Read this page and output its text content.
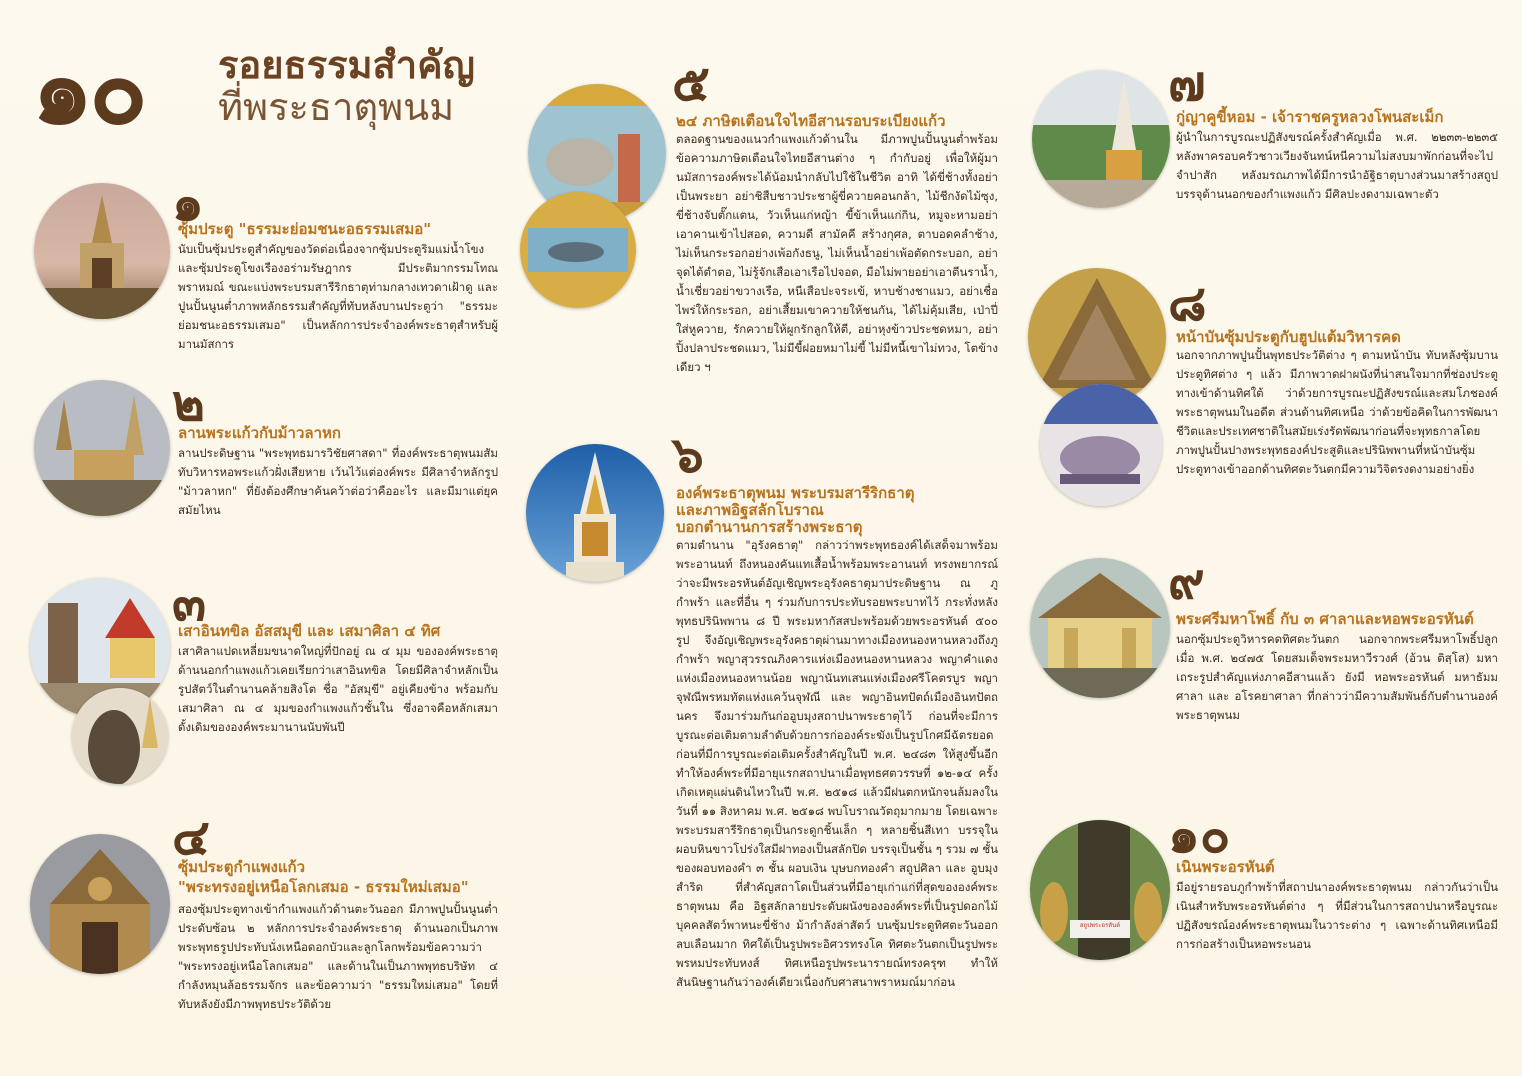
๑๐ รอยธรรมสำคัญ
ที่พระธาตุพนม
๑
ซุ้มประตู "ธรรมะย่อมชนะอธรรมเสมอ"
นับเป็นซุ้มประตูสำคัญของวัดต่อเนื่องจากซุ้มประตูริมแม่น้ำโขง และซุ้มประตูโขงเรืองอร่ามรัษฎากร มีประติมากรรมโทณพราหมณ์ ขณะแบ่งพระบรมสารีริกธาตุท่ามกลางเทวดาเฝ้าดู และปูนปั้นนูนต่ำภาพหลักธรรมสำคัญที่ทับหลังบานประตูว่า "ธรรมะย่อมชนะอธรรมเสมอ" เป็นหลักการประจำองค์พระธาตุสำหรับผู้มานมัสการ
๒
ลานพระแก้วกับม้าวลาหก
ลานประดิษฐาน "พระพุทธมารวิชัยศาสดา" ที่องค์พระธาตุพนมสัมทับวิหารหอพระแก้วฝั่งเสียหาย เว้นไว้แต่องค์พระ มีศิลาจำหลักรูป "ม้าวลาหก" ที่ยังต้องศึกษาค้นคว้าต่อว่าคืออะไร และมีมาแต่ยุคสมัยไหน
๓
เสาอินทขิล อัสสมุขี และ เสมาศิลา ๔ ทิศ
เสาศิลาแปดเหลี่ยมขนาดใหญ่ที่ปักอยู่ ณ ๔ มุม ขององค์พระธาตุด้านนอกกำแพงแก้วเคยเรียกว่าเสาอินทขิล โดยมีศิลาจำหลักเป็นรูปสัตว์ในตำนานคล้ายสิงโต ชื่อ "อัสมุขี" อยู่เคียงข้าง พร้อมกับเสมาศิลา ณ ๔ มุมของกำแพงแก้วชั้นใน ซึ่งอาจคือหลักเสมาดั้งเดิมขององค์พระมานานนับพันปี
๔
ซุ้มประตูกำแพงแก้ว
"พระทรงอยู่เหนือโลกเสมอ - ธรรมใหม่เสมอ"
สองซุ้มประตูทางเข้ากำแพงแก้วด้านตะวันออก มีภาพปูนปั้นนูนต่ำประดับซ้อน ๒ หลักการประจำองค์พระธาตุ ด้านนอกเป็นภาพพระพุทธรูปประทับนั่งเหนือดอกบัวและลูกโลกพร้อมข้อความว่า "พระทรงอยู่เหนือโลกเสมอ" และด้านในเป็นภาพพุทธบริษัท ๔ กำลังหมุนล้อธรรมจักร และข้อความว่า "ธรรมใหม่เสมอ" โดยที่ทับหลังยังมีภาพพุทธประวัติด้วย
๕
๒๔ ภาษิตเตือนใจไทอีสานรอบระเบียงแก้ว
ตลอดฐานของแนวกำแพงแก้วด้านใน มีภาพปูนปั้นนูนต่ำพร้อมข้อความภาษิตเตือนใจไทยอีสานต่าง ๆ กำกับอยู่ เพื่อให้ผู้มานมัสการองค์พระได้น้อมนำกลับไปใช้ในชีวิต อาทิ ได้ขี่ช้างทั้งอย่าเป็นพระยา อย่าชิสืบชาวประชาผู้ขี่ควายคอนกล้า, ไม้ชีกงัดไม้ซุง, ขี่ช้างจับตั๊กแตน, วัวเห็นแก่หญ้า ขี้ข้าเห็นแก่กิน, หมูจะหามอย่าเอาคานเข้าไปสอด, ความดี สามัคคี สร้างกุศล, ตาบอดคลำช้าง, ไม่เห็นกระรอกอย่างเพ้อกังธนู, ไม่เห็นน้ำอย่าเพ้อตัดกระบอก, อย่าจุดไต้ตำตอ, ไม่รู้จักเสือเอาเรือไปจอด, มือไม่พายอย่าเอาตีนราน้ำ, น้ำเชี่ยวอย่าขวางเรือ, หนีเสือปะจระเข้, หาบช้างชาแมว, อย่าเชื่อไพร่ให้กระรอก, อย่าเสี้ยมเขาควายให้ชนกัน, ได้ไม่คุ้มเสีย, เป่าปี่ใส่หูควาย, รักควายให้ผูกรักลูกให้ตี, อย่าหุงข้าวประชดหมา, อย่าปิ้งปลาประชดแมว, ไม่มีขี้ฝอยหมาไม่ขี้ ไม่มีหนี้เขาไม่ทวง, โตข้างเดียว ฯ
๖
องค์พระธาตุพนม พระบรมสารีริกธาตุ
และภาพอิฐสลักโบราณ
บอกตำนานการสร้างพระธาตุ
ตามตำนาน "อุรังคธาตุ" กล่าวว่าพระพุทธองค์ได้เสด็จมาพร้อมพระอานนท์ ถึงหนองคันแทเสื้อน้ำพร้อมพระอานนท์ ทรงพยากรณ์ว่าจะมีพระอรหันต์อัญเชิญพระอุรังคธาตุมาประดิษฐาน ณ ภูกำพร้า และที่อื่น ๆ ร่วมกับการประทับรอยพระบาทไว้ กระทั่งหลังพุทธปรินิพพาน ๘ ปี พระมหากัสสปะพร้อมด้วยพระอรหันต์ ๕๐๐ รูป จึงอัญเชิญพระอุรังคธาตุผ่านมาทางเมืองหนองหานหลวงถึงภูกำพร้า พญาสุวรรณภิงคารแห่งเมืองหนองหานหลวง พญาคำแดงแห่งเมืองหนองหานน้อย พญานันทเสนแห่งเมืองศรีโคตรบูร พญาจุฬณีพรหมทัตแห่งแคว้นจุฬณี และ พญาอินทปัตถ์เมืองอินทปัตถนคร จึงมาร่วมกันก่ออูบมุงสถาปนาพระธาตุไว้ ก่อนที่จะมีการบูรณะต่อเติมตามลำดับด้วยการก่อองค์ระฆังเป็นรูปโกศมีฉัตรยอด ก่อนที่มีการบูรณะต่อเติมครั้งสำคัญในปี พ.ศ. ๒๔๘๓ ให้สูงขึ้นอีก ทำให้องค์พระที่มีอายุแรกสถาปนาเมื่อพุทธศตวรรษที่ ๑๒-๑๔ ครั้งเกิดเหตุแผ่นดินไหวในปี พ.ศ. ๒๕๑๘ แล้วมีฝนตกหนักจนล้มลงในวันที่ ๑๑ สิงหาคม พ.ศ. ๒๕๑๘ พบโบราณวัตถุมากมาย โดยเฉพาะพระบรมสารีริกธาตุเป็นกระดูกชิ้นเล็ก ๆ หลายชิ้นสีเทา บรรจุในผอบหินขาวโปร่งใสมีฝาทองเป็นสลักปิด บรรจุเป็นชั้น ๆ รวม ๗ ชั้น ของผอบทองคำ ๓ ชั้น ผอบเงิน บุษบกทองคำ สถูปศิลา และ อูบมุงสำริด ที่สำคัญสถาโดเป็นส่วนที่มีอายุเก่าแก่ที่สุดขององค์พระธาตุพนม คือ อิฐสลักลายประดับผนังขององค์พระที่เป็นรูปดอกไม้ บุคคลสัตว์พาหนะขี่ช้าง ม้ากำลังล่าสัตว์ บนซุ้มประตูทิศตะวันออกลบเลือนมาก ทิศใต้เป็นรูปพระอิศวรทรงโค ทิศตะวันตกเป็นรูปพระพรหมประทับหงส์ ทิศเหนือรูปพระนารายณ์ทรงครุฑ ทำให้สันนิษฐานกันว่าองค์เดียวเนื่องกับศาสนาพราหมณ์มาก่อน
๗
กู่ญาคูขี้หอม - เจ้าราชครูหลวงโพนสะเม็ก
ผู้นำในการบูรณะปฏิสังขรณ์ครั้งสำคัญเมื่อ พ.ศ. ๒๒๓๓-๒๒๓๕ หลังพาครอบครัวชาวเวียงจันทน์หนีความไม่สงบมาพักก่อนที่จะไปจำปาสัก หลังมรณภาพได้มีการนำอัฐิธาตุบางส่วนมาสร้างสถูปบรรจุด้านนอกของกำแพงแก้ว มีศิลปะงดงามเฉพาะตัว
๘
หน้าบันซุ้มประตูกับฮูปแต้มวิหารคด
นอกจากภาพปูนปั้นพุทธประวัติต่าง ๆ ตามหน้าบัน ทับหลังซุ้มบานประตูทิศต่าง ๆ แล้ว มีภาพวาดฝาผนังที่น่าสนใจมากที่ช่องประตูทางเข้าด้านทิศใต้ ว่าด้วยการบูรณะปฏิสังขรณ์และสมโภชองค์พระธาตุพนมในอดีต ส่วนด้านทิศเหนือ ว่าด้วยข้อคิดในการพัฒนาชีวิตและประเทศชาติในสมัยเร่งรัดพัฒนาก่อนที่จะพุทธกาลโดยภาพปูนปั้นปางพระพุทธองค์ประสูติและปรินิพพานที่หน้าบันซุ้มประตูทางเข้าออกด้านทิศตะวันตกมีความวิจิตรงดงามอย่างยิ่ง
๙
พระศรีมหาโพธิ์ กับ ๓ ศาลาและหอพระอรหันต์
นอกซุ้มประตูวิหารคดทิศตะวันตก นอกจากพระศรีมหาโพธิ์ปลูกเมื่อ พ.ศ. ๒๔๗๕ โดยสมเด็จพระมหาวีรวงศ์ (อ้วน ติสฺโส) มหาเถระรูปสำคัญแห่งภาคอีสานแล้ว ยังมี หอพระอรหันต์ มหาธัมมศาลา และ อโรคยาศาลา ที่กล่าวว่ามีความสัมพันธ์กับตำนานองค์พระธาตุพนม
สถูปพระอรหันต์
๑๐
เนินพระอรหันต์
มีอยู่รายรอบภูกำพร้าที่สถาปนาองค์พระธาตุพนม กล่าวกันว่าเป็นเนินสำหรับพระอรหันต์ต่าง ๆ ที่มีส่วนในการสถาปนาหรือบูรณะปฏิสังขรณ์องค์พระธาตุพนมในวาระต่าง ๆ เฉพาะด้านทิศเหนือมีการก่อสร้างเป็นหอพระนอน
